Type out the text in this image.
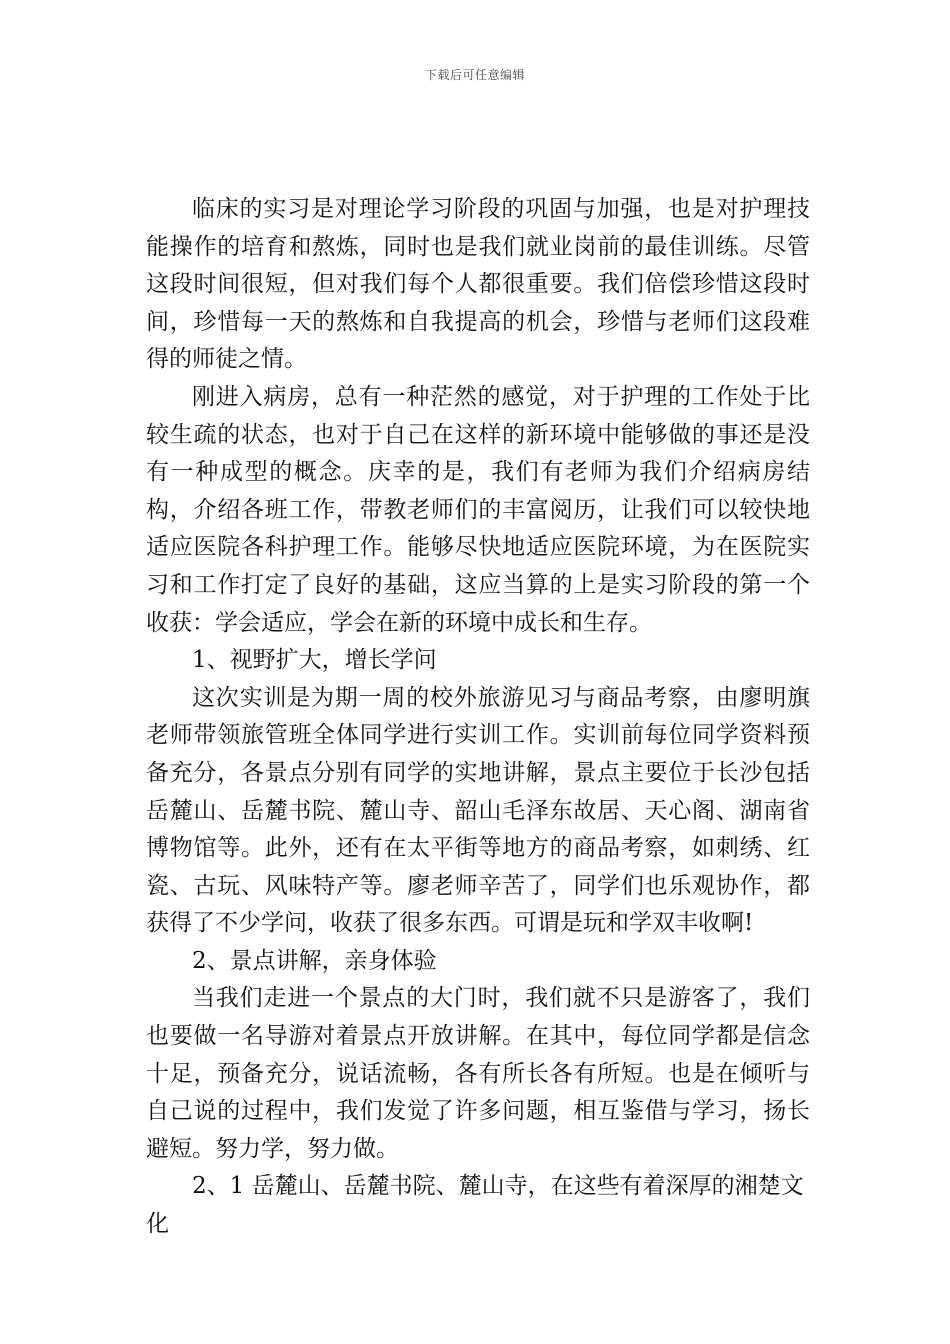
下载后可任意编辑

临床的实习是对理论学习阶段的巩固与加强，也是对护理技能操作的培育和熬炼，同时也是我们就业岗前的最佳训练。尽管这段时间很短，但对我们每个人都很重要。我们倍偿珍惜这段时间，珍惜每一天的熬炼和自我提高的机会，珍惜与老师们这段难得的师徒之情。

刚进入病房，总有一种茫然的感觉，对于护理的工作处于比较生疏的状态，也对于自己在这样的新环境中能够做的事还是没有一种成型的概念。庆幸的是，我们有老师为我们介绍病房结构，介绍各班工作，带教老师们的丰富阅历，让我们可以较快地适应医院各科护理工作。能够尽快地适应医院环境，为在医院实习和工作打定了良好的基础，这应当算的上是实习阶段的第一个收获：学会适应，学会在新的环境中成长和生存。

1、视野扩大，增长学问

这次实训是为期一周的校外旅游见习与商品考察，由廖明旗老师带领旅管班全体同学进行实训工作。实训前每位同学资料预备充分，各景点分别有同学的实地讲解，景点主要位于长沙包括岳麓山、岳麓书院、麓山寺、韶山毛泽东故居、天心阁、湖南省博物馆等。此外，还有在太平街等地方的商品考察，如刺绣、红瓷、古玩、风味特产等。廖老师辛苦了，同学们也乐观协作，都获得了不少学问，收获了很多东西。可谓是玩和学双丰收啊!

2、景点讲解，亲身体验

当我们走进一个景点的大门时，我们就不只是游客了，我们也要做一名导游对着景点开放讲解。在其中，每位同学都是信念十足，预备充分，说话流畅，各有所长各有所短。也是在倾听与自己说的过程中，我们发觉了许多问题，相互鉴借与学习，扬长避短。努力学，努力做。

2、1 岳麓山、岳麓书院、麓山寺，在这些有着深厚的湘楚文化
